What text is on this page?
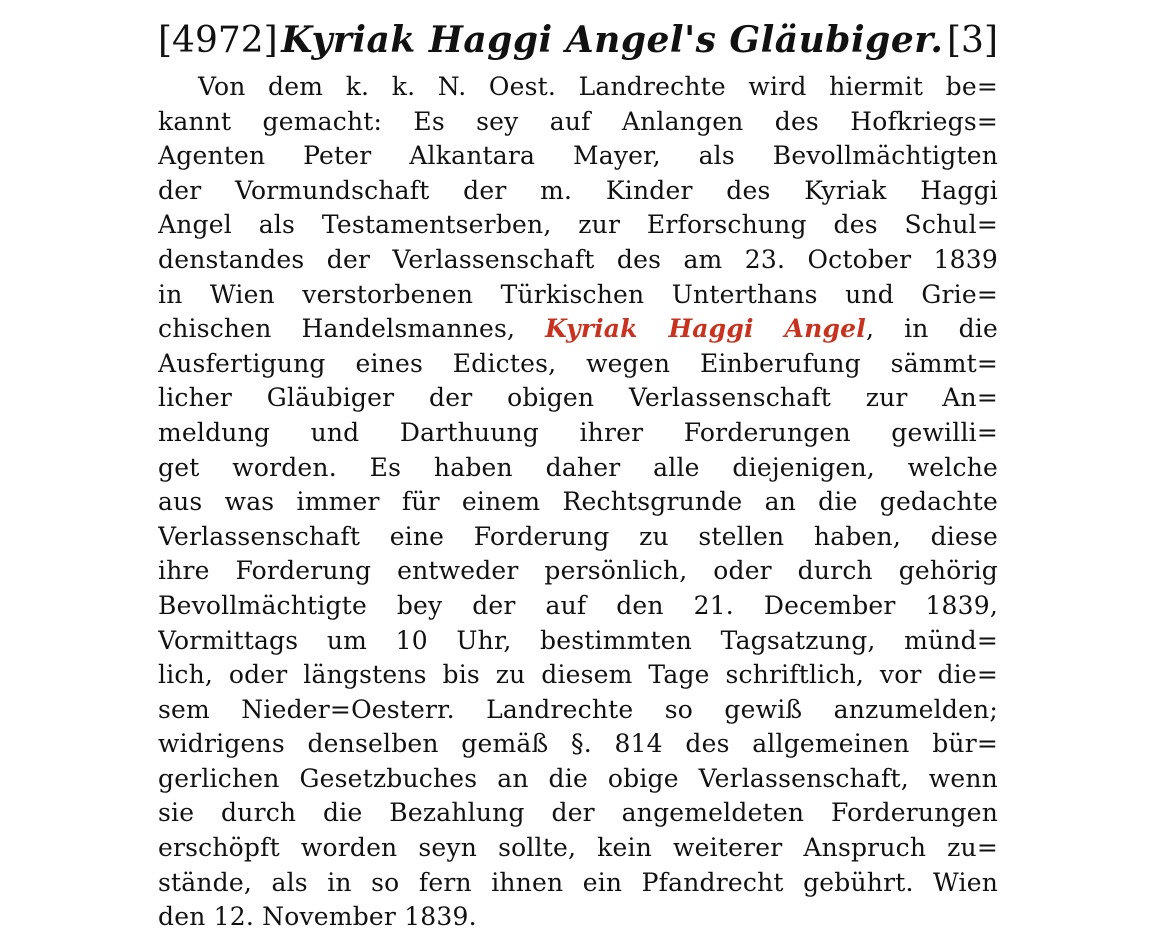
[4972] Kyriak Haggi Angel's Gläubiger. [3]
Von dem k. k. N. Oest. Landrechte wird hiermit be=
kannt gemacht: Es sey auf Anlangen des Hofkriegs=
Agenten Peter Alkantara Mayer, als Bevollmächtigten
der Vormundschaft der m. Kinder des Kyriak Haggi
Angel als Testamentserben, zur Erforschung des Schul=
denstandes der Verlassenschaft des am 23. October 1839
in Wien verstorbenen Türkischen Unterthans und Grie=
chischen Handelsmannes, Kyriak Haggi Angel, in die
Ausfertigung eines Edictes, wegen Einberufung sämmt=
licher Gläubiger der obigen Verlassenschaft zur An=
meldung und Darthuung ihrer Forderungen gewilli=
get worden. Es haben daher alle diejenigen, welche
aus was immer für einem Rechtsgrunde an die gedachte
Verlassenschaft eine Forderung zu stellen haben, diese
ihre Forderung entweder persönlich, oder durch gehörig
Bevollmächtigte bey der auf den 21. December 1839,
Vormittags um 10 Uhr, bestimmten Tagsatzung, münd=
lich, oder längstens bis zu diesem Tage schriftlich, vor die=
sem Nieder=Oesterr. Landrechte so gewiß anzumelden;
widrigens denselben gemäß §. 814 des allgemeinen bür=
gerlichen Gesetzbuches an die obige Verlassenschaft, wenn
sie durch die Bezahlung der angemeldeten Forderungen
erschöpft worden seyn sollte, kein weiterer Anspruch zu=
stände, als in so fern ihnen ein Pfandrecht gebührt. Wien
den 12. November 1839.
